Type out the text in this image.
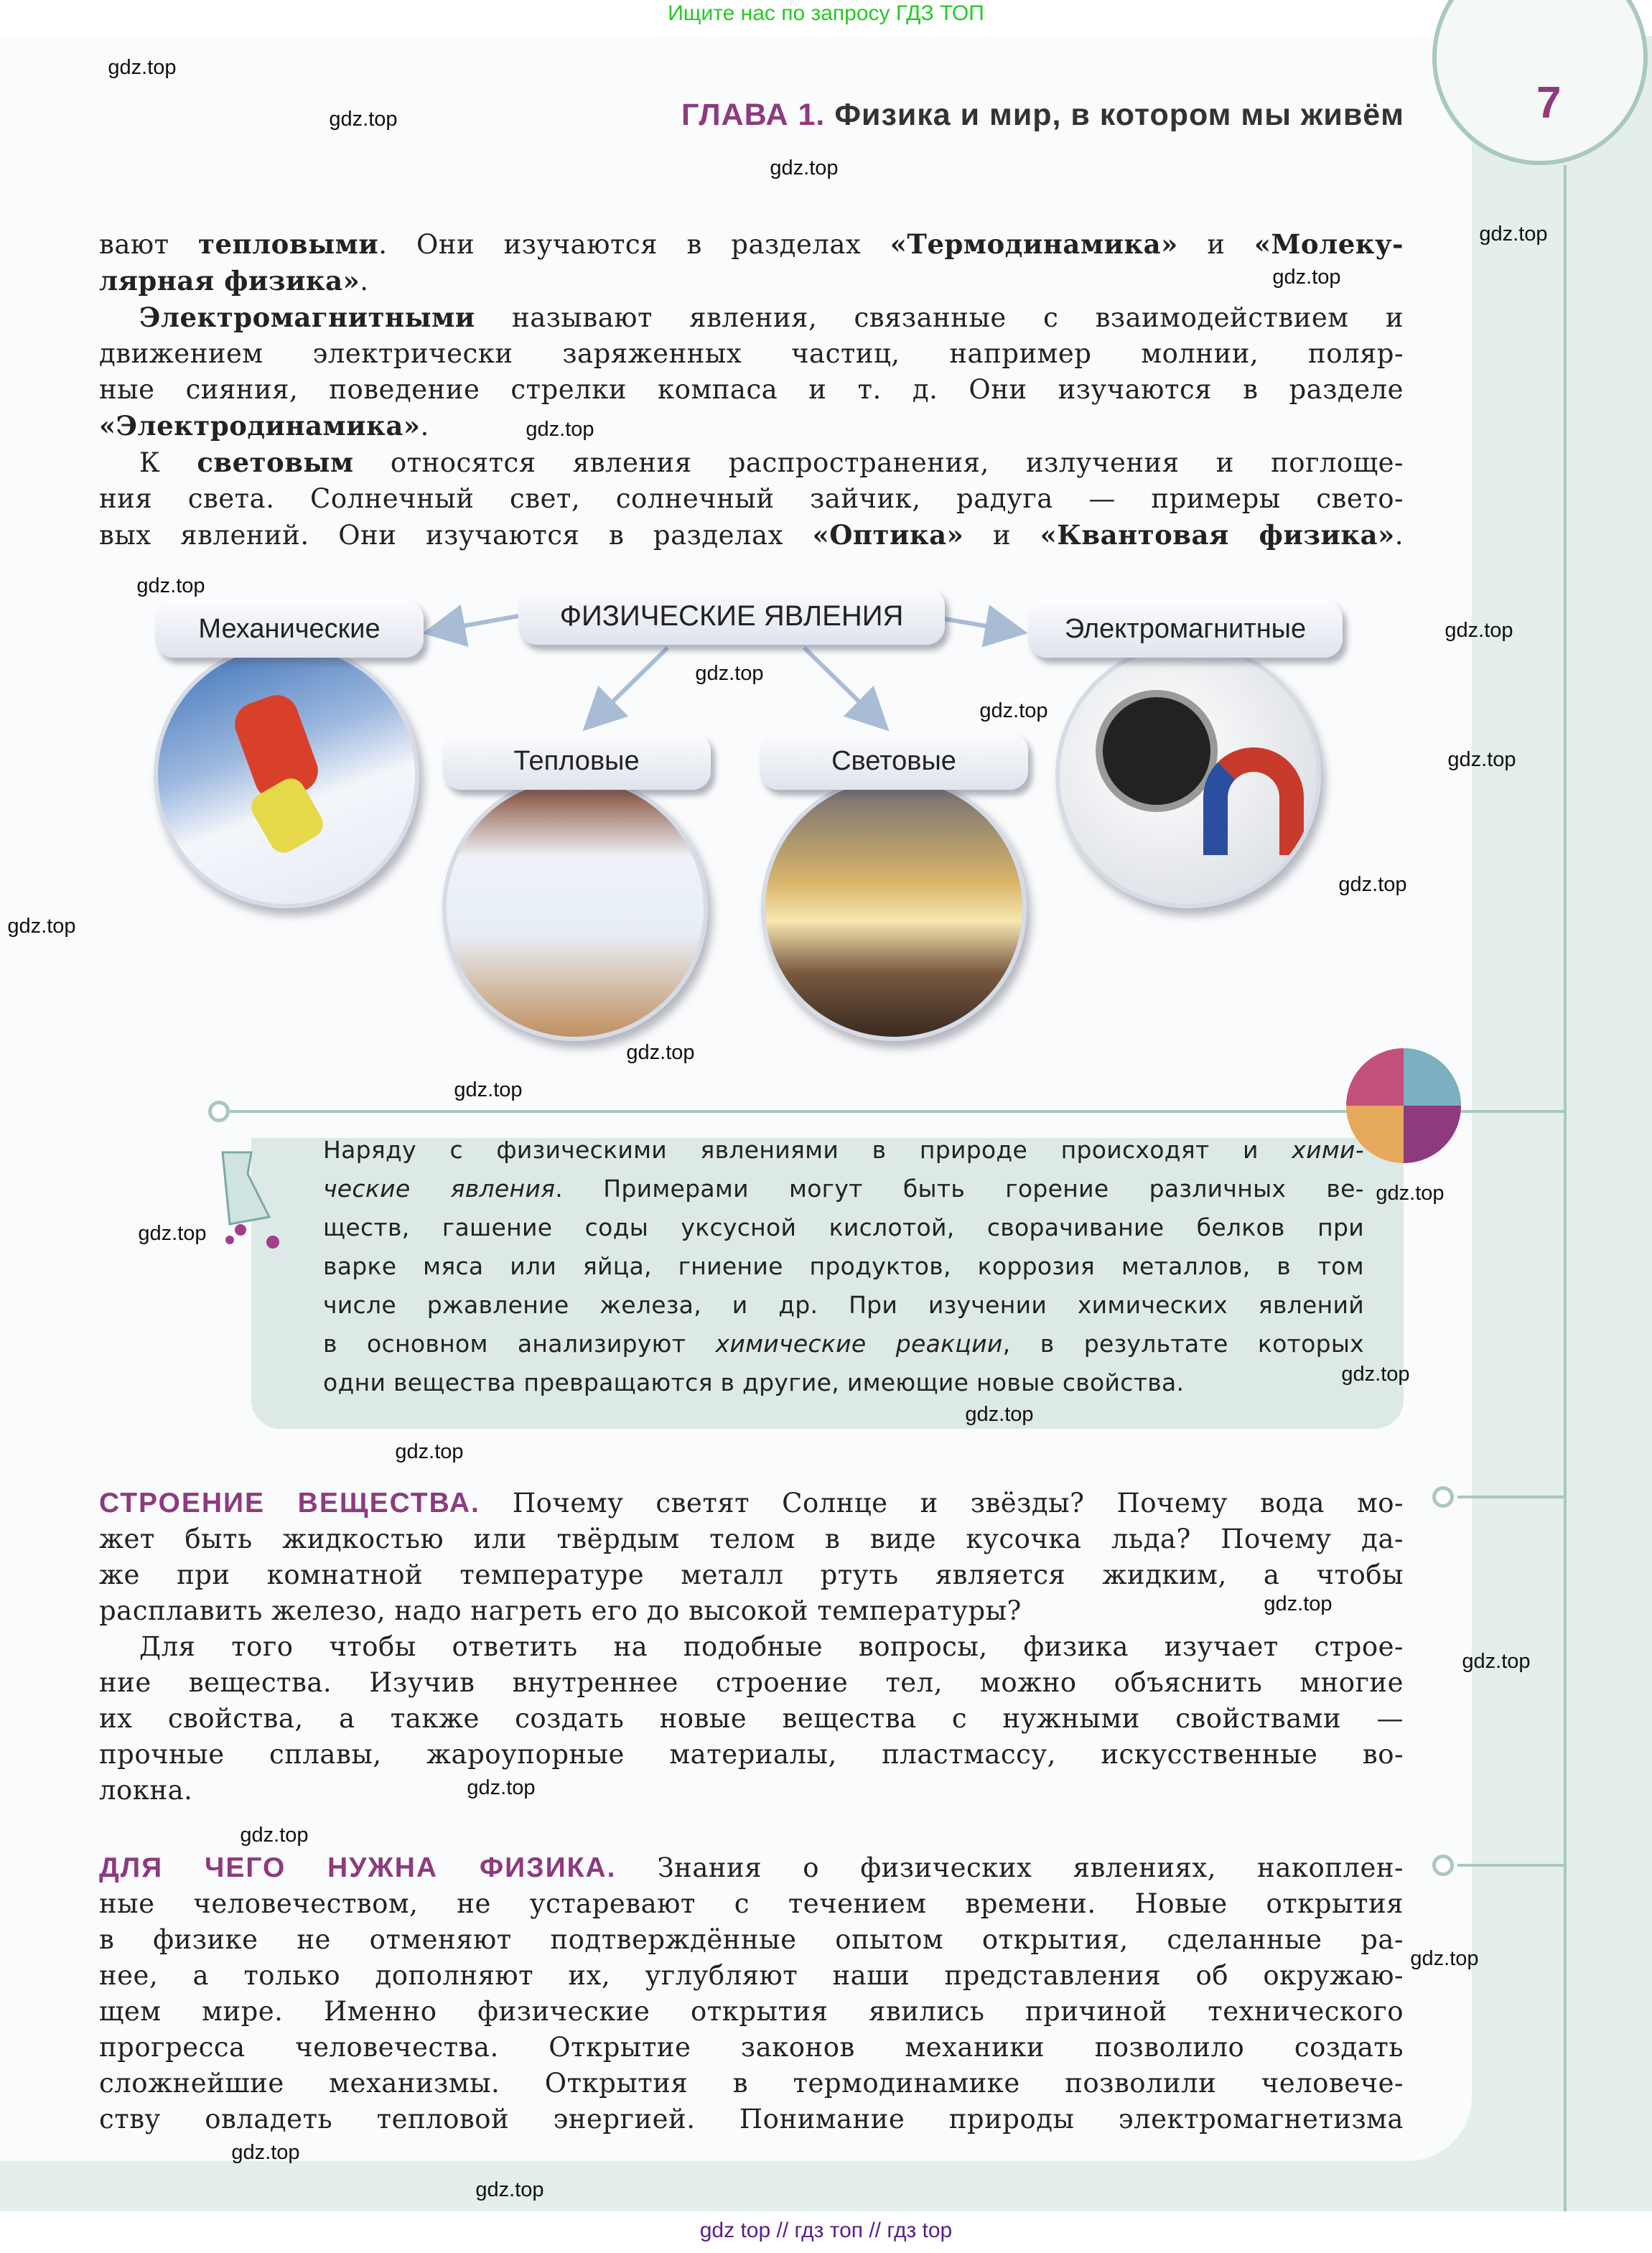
Ищите нас по запросу ГДЗ ТОП
7
ГЛАВА 1. Физика и мир, в котором мы живём
вают тепловыми. Они изучаются в разделах «Термодинамика» и «Молеку-
лярная физика».
Электромагнитными называют явления, связанные с взаимодействием и
движением электрически заряженных частиц, например молнии, поляр-
ные сияния, поведение стрелки компаса и т. д. Они изучаются в разделе
«Электродинамика».
К световым относятся явления распространения, излучения и поглоще-
ния света. Солнечный свет, солнечный зайчик, радуга — примеры свето-
вых явлений. Они изучаются в разделах «Оптика» и «Квантовая физика».
ФИЗИЧЕСКИЕ ЯВЛЕНИЯ
Механические	Электромагнитные
Тепловые	Световые
Наряду с физическими явлениями в природе происходят и хими-
ческие явления. Примерами могут быть горение различных ве-
ществ, гашение соды уксусной кислотой, сворачивание белков при
варке мяса или яйца, гниение продуктов, коррозия металлов, в том
числе ржавление железа, и др. При изучении химических явлений
в основном анализируют химические реакции, в результате которых
одни вещества превращаются в другие, имеющие новые свойства.
СТРОЕНИЕ ВЕЩЕСТВА. Почему светят Солнце и звёзды? Почему вода мо-
жет быть жидкостью или твёрдым телом в виде кусочка льда? Почему да-
же при комнатной температуре металл ртуть является жидким, а чтобы
расплавить железо, надо нагреть его до высокой температуры?
Для того чтобы ответить на подобные вопросы, физика изучает строе-
ние вещества. Изучив внутреннее строение тел, можно объяснить многие
их свойства, а также создать новые вещества с нужными свойствами —
прочные сплавы, жароупорные материалы, пластмассу, искусственные во-
локна.
ДЛЯ ЧЕГО НУЖНА ФИЗИКА. Знания о физических явлениях, накоплен-
ные человечеством, не устаревают с течением времени. Новые открытия
в физике не отменяют подтверждённые опытом открытия, сделанные ра-
нее, а только дополняют их, углубляют наши представления об окружаю-
щем мире. Именно физические открытия явились причиной технического
прогресса человечества. Открытие законов механики позволило создать
сложнейшие механизмы. Открытия в термодинамике позволили человече-
ству овладеть тепловой энергией. Понимание природы электромагнетизма
gdz top // гдз топ // гдз top
gdz.top
gdz.top
gdz.top
gdz.top
gdz.top
gdz.top
gdz.top
gdz.top
gdz.top
gdz.top
gdz.top
gdz.top
gdz.top
gdz.top
gdz.top
gdz.top
gdz.top
gdz.top
gdz.top
gdz.top
gdz.top
gdz.top
gdz.top
gdz.top
gdz.top
gdz.top
gdz.top
